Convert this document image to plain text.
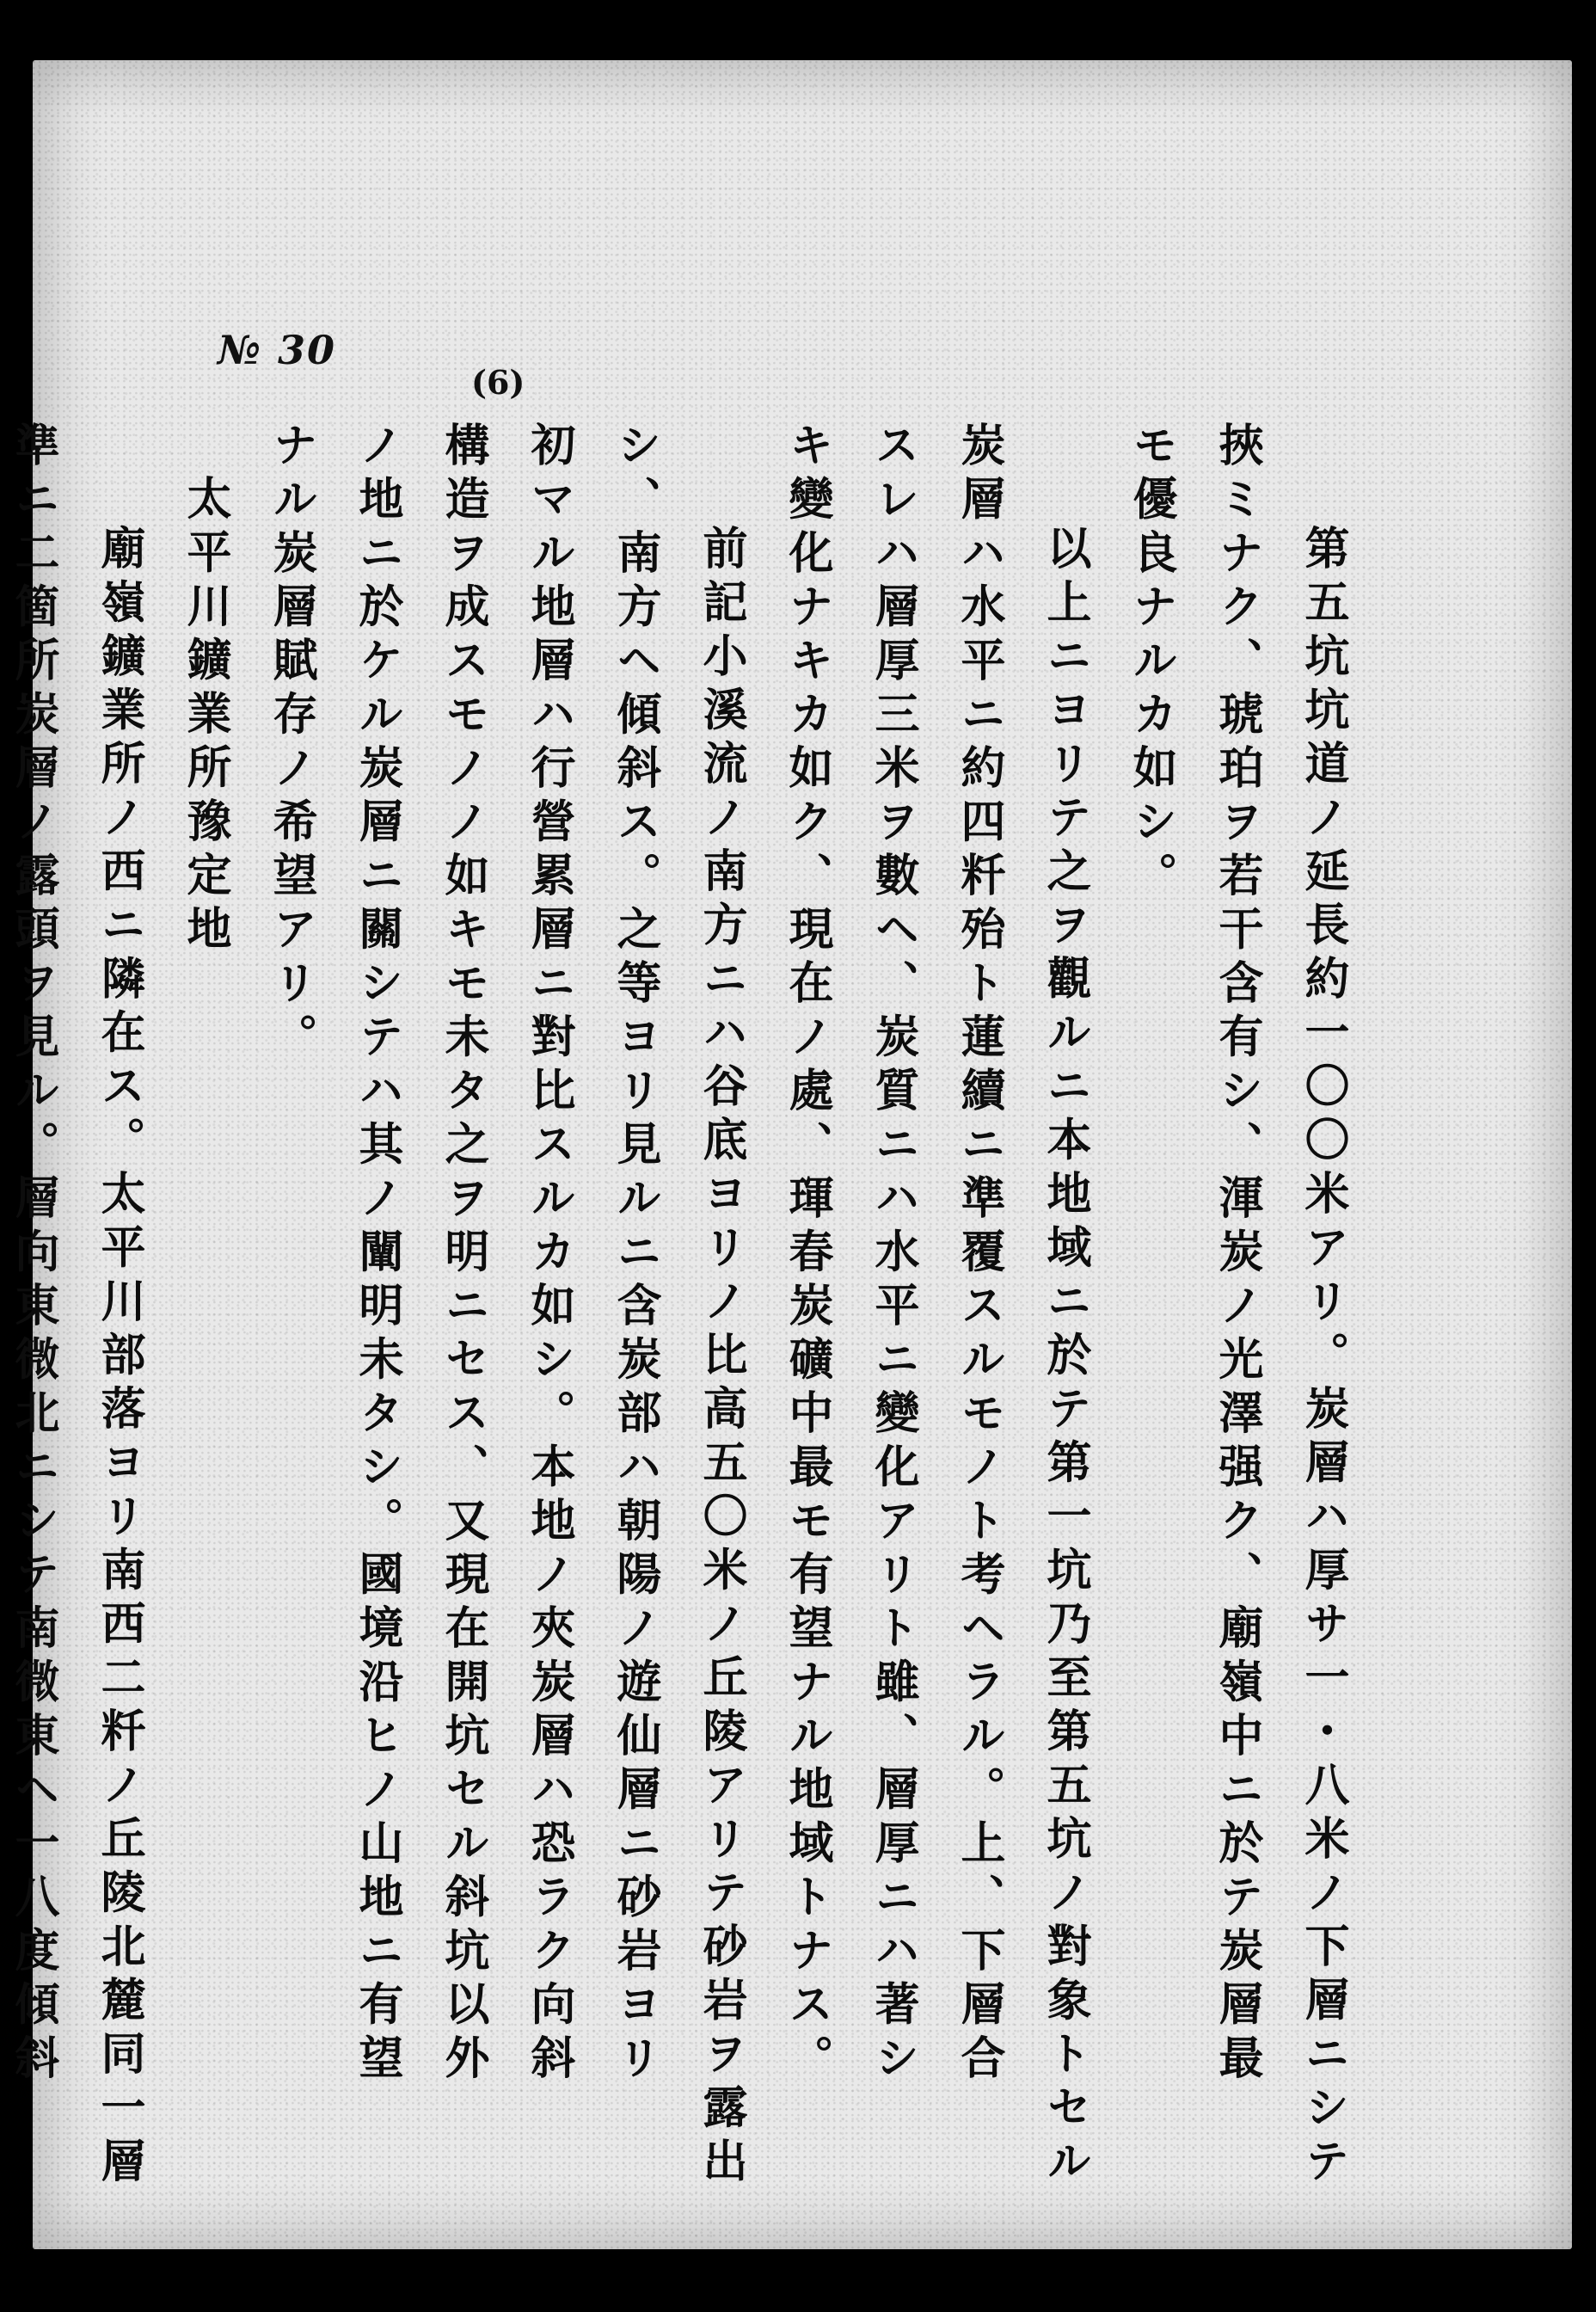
№ 30
(6)
第五坑坑道ノ延長約一〇〇米アリ。炭層ハ厚サ一・八米ノ下層ニシテ
挾ミナク、琥珀ヲ若干含有シ、渾炭ノ光澤强ク、廟嶺中ニ於テ炭層最
モ優良ナルカ如シ。
以上ニヨリテ之ヲ觀ルニ本地域ニ於テ第一坑乃至第五坑ノ對象トセル
炭層ハ水平ニ約四粁殆ト蓮續ニ準覆スルモノト考ヘラル。上、下層合
スレハ層厚三米ヲ數ヘ、炭質ニハ水平ニ變化アリト雖、層厚ニハ著シ
キ變化ナキカ如ク、現在ノ處、琿春炭礦中最モ有望ナル地域トナス。
前記小溪流ノ南方ニハ谷底ヨリノ比高五〇米ノ丘陵アリテ砂岩ヲ露出
シ、南方ヘ傾斜ス。之等ヨリ見ルニ含炭部ハ朝陽ノ遊仙層ニ砂岩ヨリ
初マル地層ハ行營累層ニ對比スルカ如シ。本地ノ夾炭層ハ恐ラク向斜
構造ヲ成スモノノ如キモ未タ之ヲ明ニセス、又現在開坑セル斜坑以外
ノ地ニ於ケル炭層ニ關シテハ其ノ闡明未タシ。國境沿ヒノ山地ニ有望
ナル炭層賦存ノ希望アリ。
太平川鑛業所豫定地
廟嶺鑛業所ノ西ニ隣在ス。太平川部落ヨリ南西二粁ノ丘陵北麓同一層
準ニ二箇所炭層ノ露頭ヲ見ル。層向東微北ニシテ南微東ヘ一八度傾斜
